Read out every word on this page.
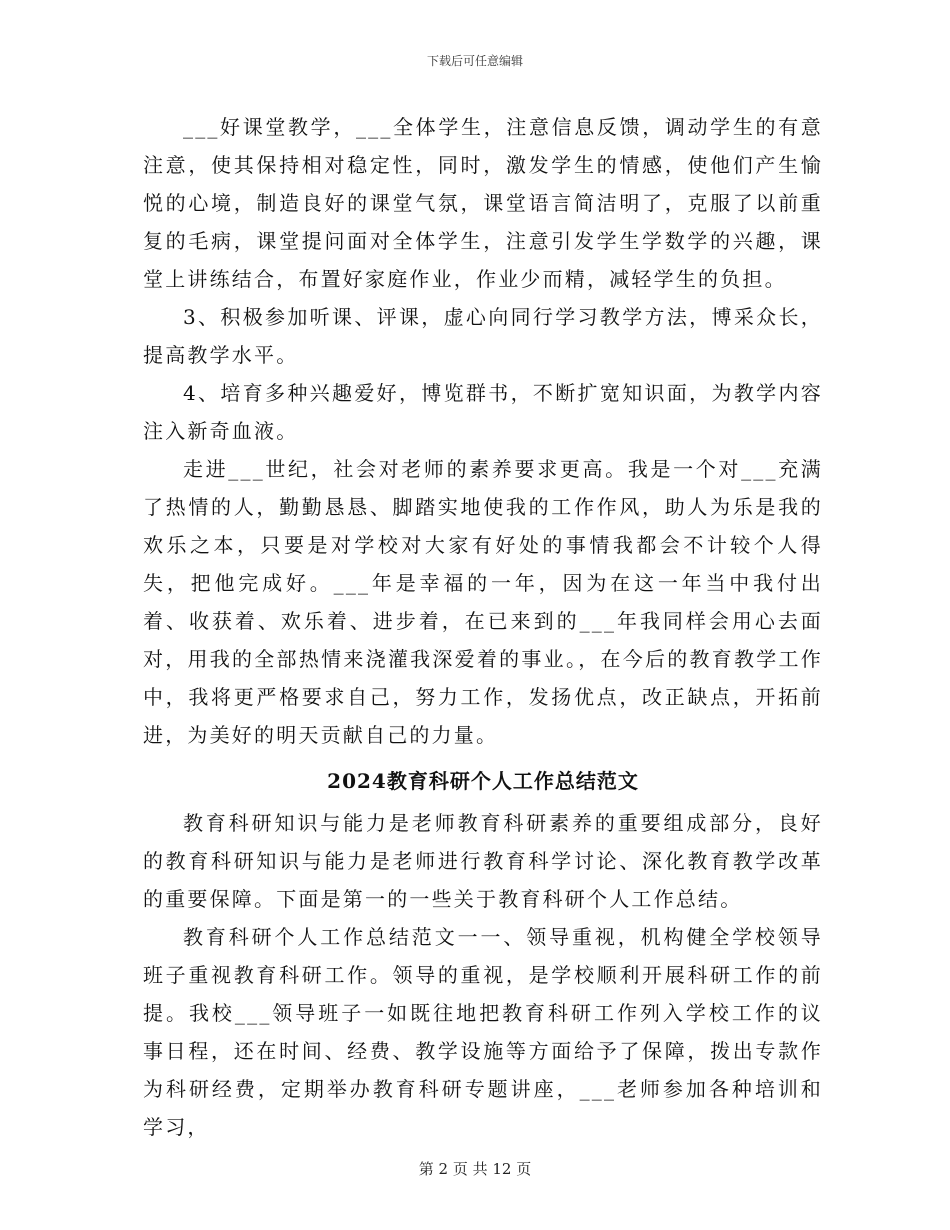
下载后可任意编辑

___好课堂教学，___全体学生，注意信息反馈，调动学生的有意注意，使其保持相对稳定性，同时，激发学生的情感，使他们产生愉悦的心境，制造良好的课堂气氛，课堂语言简洁明了，克服了以前重复的毛病，课堂提问面对全体学生，注意引发学生学数学的兴趣，课堂上讲练结合，布置好家庭作业，作业少而精，减轻学生的负担。

3、积极参加听课、评课，虚心向同行学习教学方法，博采众长，提高教学水平。

4、培育多种兴趣爱好，博览群书，不断扩宽知识面，为教学内容注入新奇血液。

走进___世纪，社会对老师的素养要求更高。我是一个对___充满了热情的人，勤勤恳恳、脚踏实地使我的工作作风，助人为乐是我的欢乐之本，只要是对学校对大家有好处的事情我都会不计较个人得失，把他完成好。___年是幸福的一年，因为在这一年当中我付出着、收获着、欢乐着、进步着，在已来到的___年我同样会用心去面对，用我的全部热情来浇灌我深爱着的事业。，在今后的教育教学工作中，我将更严格要求自己，努力工作，发扬优点，改正缺点，开拓前进，为美好的明天贡献自己的力量。

2024教育科研个人工作总结范文

教育科研知识与能力是老师教育科研素养的重要组成部分，良好的教育科研知识与能力是老师进行教育科学讨论、深化教育教学改革的重要保障。下面是第一的一些关于教育科研个人工作总结。

教育科研个人工作总结范文一一、领导重视，机构健全学校领导班子重视教育科研工作。领导的重视，是学校顺利开展科研工作的前提。我校___领导班子一如既往地把教育科研工作列入学校工作的议事日程，还在时间、经费、教学设施等方面给予了保障，拨出专款作为科研经费，定期举办教育科研专题讲座，___老师参加各种培训和学习，

第 2 页 共 12 页
